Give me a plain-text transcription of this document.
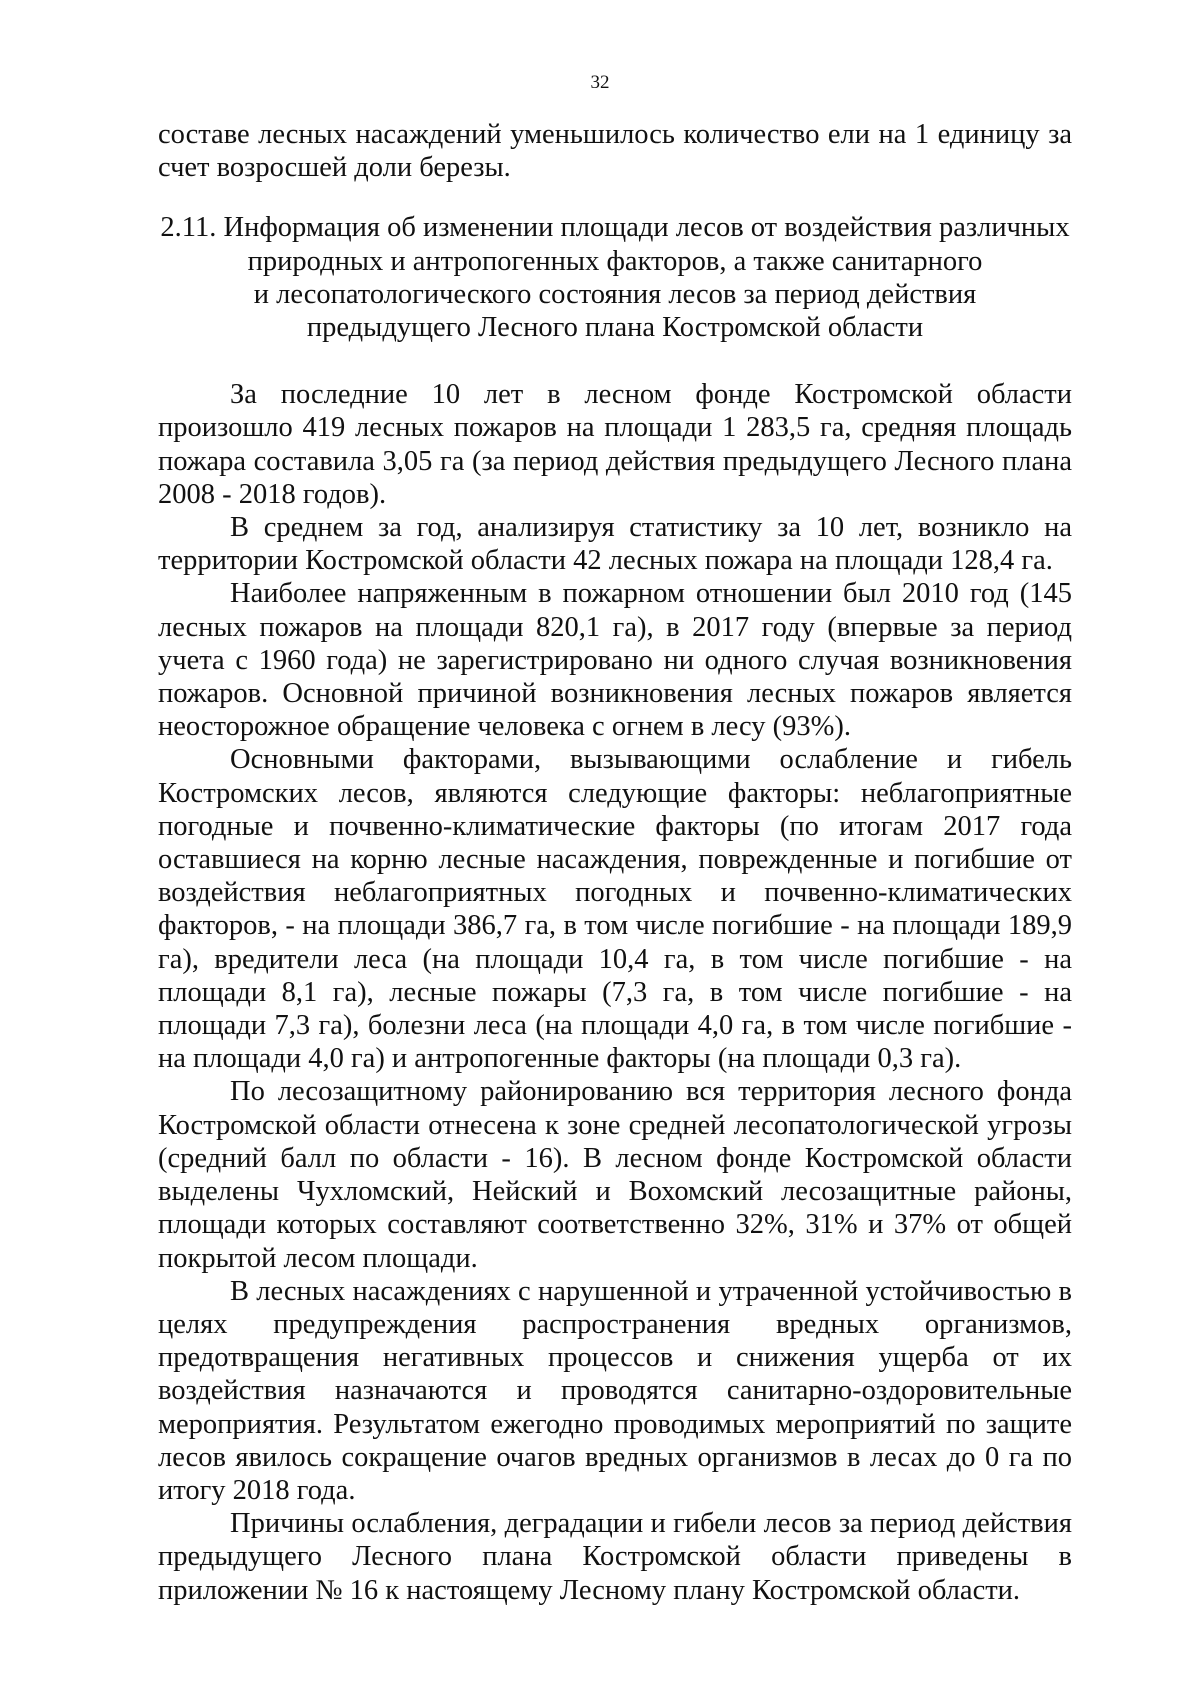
32

составе лесных насаждений уменьшилось количество ели на 1 единицу за счет возросшей доли березы.

2.11. Информация об изменении площади лесов от воздействия различных
природных и антропогенных факторов, а также санитарного
и лесопатологического состояния лесов за период действия
предыдущего Лесного плана Костромской области

За последние 10 лет в лесном фонде Костромской области произошло 419 лесных пожаров на площади 1 283,5 га, средняя площадь пожара составила 3,05 га (за период действия предыдущего Лесного плана 2008 - 2018 годов).

В среднем за год, анализируя статистику за 10 лет, возникло на территории Костромской области 42 лесных пожара на площади 128,4 га.

Наиболее напряженным в пожарном отношении был 2010 год (145 лесных пожаров на площади 820,1 га), в 2017 году (впервые за период учета с 1960 года) не зарегистрировано ни одного случая возникновения пожаров. Основной причиной возникновения лесных пожаров является неосторожное обращение человека с огнем в лесу (93%).

Основными факторами, вызывающими ослабление и гибель Костромских лесов, являются следующие факторы: неблагоприятные погодные и почвенно-климатические факторы (по итогам 2017 года оставшиеся на корню лесные насаждения, поврежденные и погибшие от воздействия неблагоприятных погодных и почвенно-климатических факторов, - на площади 386,7 га, в том числе погибшие - на площади 189,9 га), вредители леса (на площади 10,4 га, в том числе погибшие - на площади 8,1 га), лесные пожары (7,3 га, в том числе погибшие - на площади 7,3 га), болезни леса (на площади 4,0 га, в том числе погибшие - на площади 4,0 га) и антропогенные факторы (на площади 0,3 га).

По лесозащитному районированию вся территория лесного фонда Костромской области отнесена к зоне средней лесопатологической угрозы (средний балл по области - 16). В лесном фонде Костромской области выделены Чухломский, Нейский и Вохомский лесозащитные районы, площади которых составляют соответственно 32%, 31% и 37% от общей покрытой лесом площади.

В лесных насаждениях с нарушенной и утраченной устойчивостью в целях предупреждения распространения вредных организмов, предотвращения негативных процессов и снижения ущерба от их воздействия назначаются и проводятся санитарно-оздоровительные мероприятия. Результатом ежегодно проводимых мероприятий по защите лесов явилось сокращение очагов вредных организмов в лесах до 0 га по итогу 2018 года.

Причины ослабления, деградации и гибели лесов за период действия предыдущего Лесного плана Костромской области приведены в приложении № 16 к настоящему Лесному плану Костромской области.
